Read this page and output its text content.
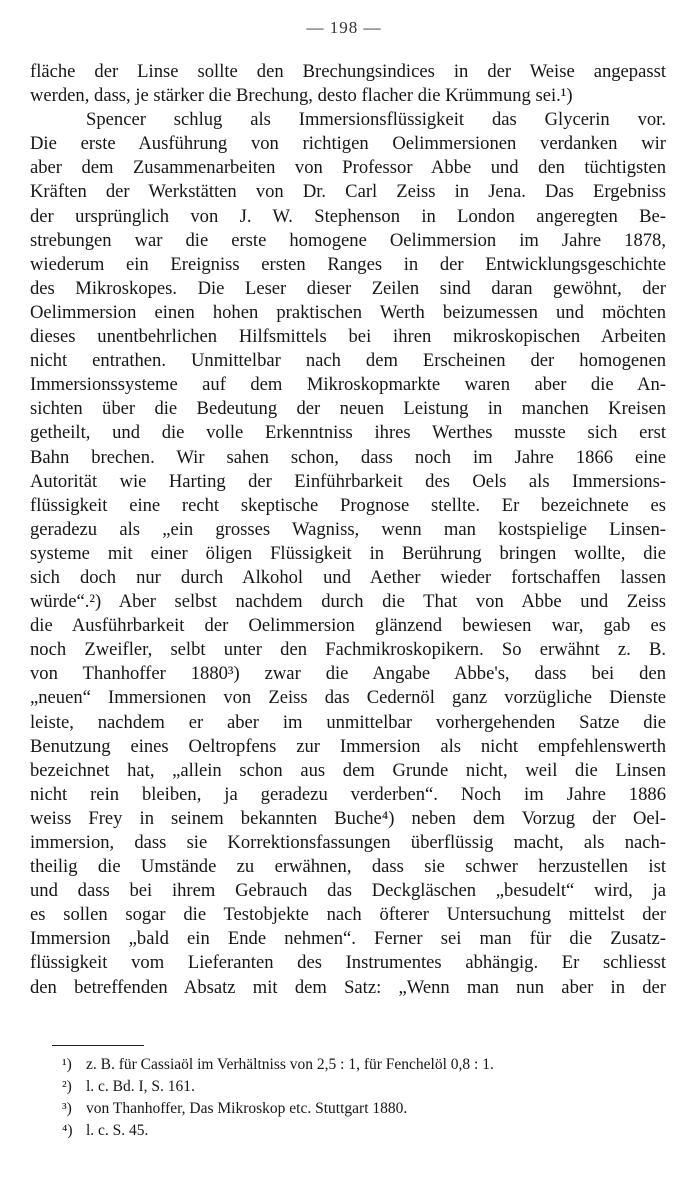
— 198 —
fläche der Linse sollte den Brechungsindices in der Weise angepasst
werden, dass, je stärker die Brechung, desto flacher die Krümmung sei.¹)
Spencer schlug als Immersionsflüssigkeit das Glycerin vor.
Die erste Ausführung von richtigen Oelimmersionen verdanken wir
aber dem Zusammenarbeiten von Professor Abbe und den tüchtigsten
Kräften der Werkstätten von Dr. Carl Zeiss in Jena. Das Ergebniss
der ursprünglich von J. W. Stephenson in London angeregten Be-
strebungen war die erste homogene Oelimmersion im Jahre 1878,
wiederum ein Ereigniss ersten Ranges in der Entwicklungsgeschichte
des Mikroskopes. Die Leser dieser Zeilen sind daran gewöhnt, der
Oelimmersion einen hohen praktischen Werth beizumessen und möchten
dieses unentbehrlichen Hilfsmittels bei ihren mikroskopischen Arbeiten
nicht entrathen. Unmittelbar nach dem Erscheinen der homogenen
Immersionssysteme auf dem Mikroskopmarkte waren aber die An-
sichten über die Bedeutung der neuen Leistung in manchen Kreisen
getheilt, und die volle Erkenntniss ihres Werthes musste sich erst
Bahn brechen. Wir sahen schon, dass noch im Jahre 1866 eine
Autorität wie Harting der Einführbarkeit des Oels als Immersions-
flüssigkeit eine recht skeptische Prognose stellte. Er bezeichnete es
geradezu als „ein grosses Wagniss, wenn man kostspielige Linsen-
systeme mit einer öligen Flüssigkeit in Berührung bringen wollte, die
sich doch nur durch Alkohol und Aether wieder fortschaffen lassen
würde“.²) Aber selbst nachdem durch die That von Abbe und Zeiss
die Ausführbarkeit der Oelimmersion glänzend bewiesen war, gab es
noch Zweifler, selbt unter den Fachmikroskopikern. So erwähnt z. B.
von Thanhoffer 1880³) zwar die Angabe Abbe's, dass bei den
„neuen“ Immersionen von Zeiss das Cedernöl ganz vorzügliche Dienste
leiste, nachdem er aber im unmittelbar vorhergehenden Satze die
Benutzung eines Oeltropfens zur Immersion als nicht empfehlenswerth
bezeichnet hat, „allein schon aus dem Grunde nicht, weil die Linsen
nicht rein bleiben, ja geradezu verderben“. Noch im Jahre 1886
weiss Frey in seinem bekannten Buche⁴) neben dem Vorzug der Oel-
immersion, dass sie Korrektionsfassungen überflüssig macht, als nach-
theilig die Umstände zu erwähnen, dass sie schwer herzustellen ist
und dass bei ihrem Gebrauch das Deckgläschen „besudelt“ wird, ja
es sollen sogar die Testobjekte nach öfterer Untersuchung mittelst der
Immersion „bald ein Ende nehmen“. Ferner sei man für die Zusatz-
flüssigkeit vom Lieferanten des Instrumentes abhängig. Er schliesst
den betreffenden Absatz mit dem Satz: „Wenn man nun aber in der
¹) z. B. für Cassiaöl im Verhältniss von 2,5 : 1, für Fenchelöl 0,8 : 1.
²) l. c. Bd. I, S. 161.
³) von Thanhoffer, Das Mikroskop etc. Stuttgart 1880.
⁴) l. c. S. 45.
